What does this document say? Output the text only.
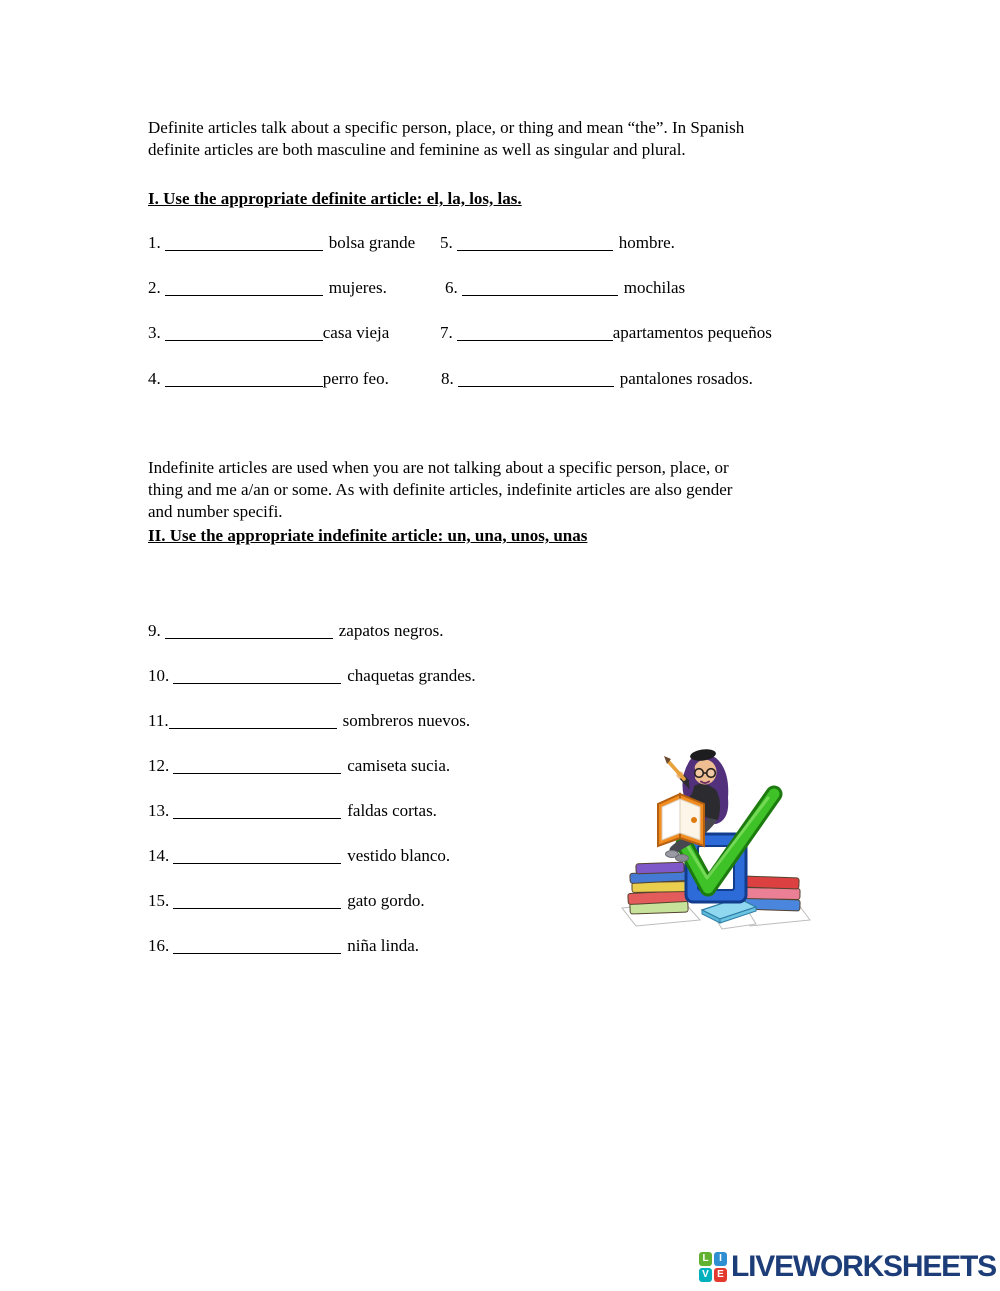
Definite articles talk about a specific person, place, or thing and mean “the”. In Spanish
definite articles are both masculine and feminine as well as singular and plural.
I. Use the appropriate definite article: el, la, los, las.
1.	bolsa grande
2.	mujeres.
3.	casa vieja
4.	perro feo.
5.	hombre.
6.	mochilas
7.	apartamentos pequeños
8.	pantalones rosados.
Indefinite articles are used when you are not talking about a specific person, place, or
thing and me a/an or some. As with definite articles, indefinite articles are also gender
and number specifi.
II. Use the appropriate indefinite article: un, una, unos, unas
9.	zapatos negros.
10.	chaquetas grandes.
11.	sombreros nuevos.
12.	camiseta sucia.
13.	faldas cortas.
14.	vestido blanco.
15.	gato gordo.
16.	niña linda.
L	I
V E LIVEWORKSHEETS
